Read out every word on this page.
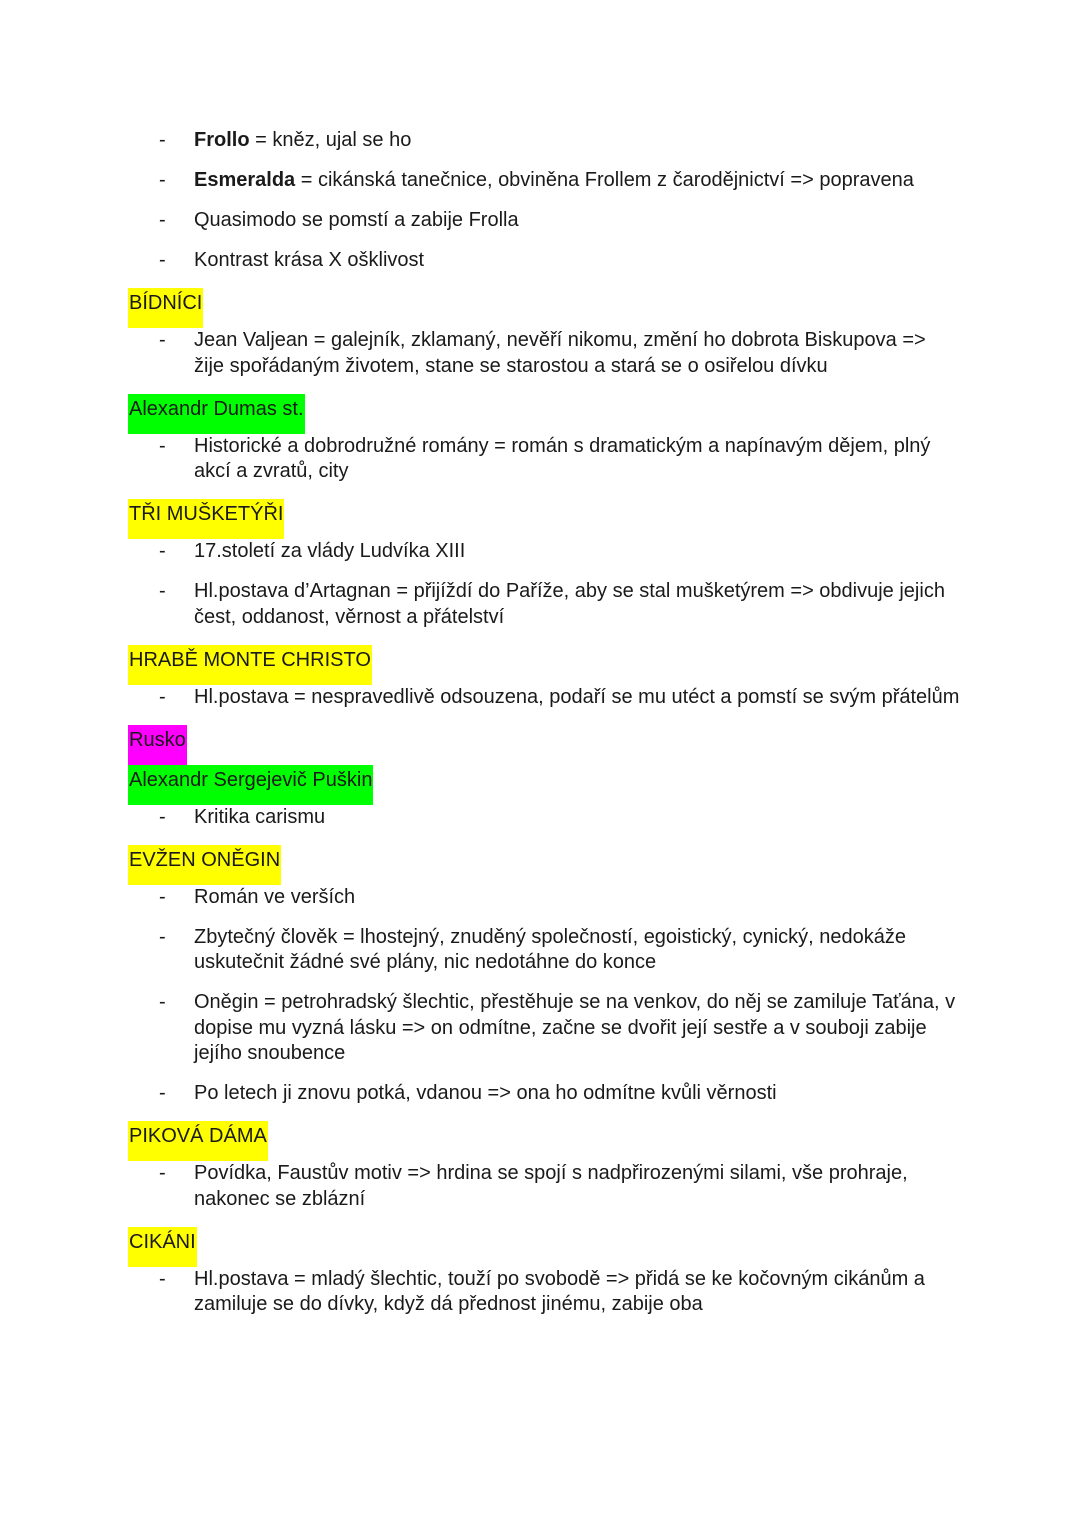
- Frollo = kněz, ujal se ho
- Esmeralda = cikánská tanečnice, obviněna Frollem z čarodějnictví => popravena
- Quasimodo se pomstí a zabije Frolla
- Kontrast krása X ošklivost
BÍDNÍCI
- Jean Valjean = galejník, zklamaný, nevěří nikomu, změní ho dobrota Biskupova => žije spořádaným životem, stane se starostou a stará se o osiřelou dívku
Alexandr Dumas st.
- Historické a dobrodružné romány = román s dramatickým a napínavým dějem, plný akcí a zvratů, city
TŘI MUŠKETÝŘI
- 17.století za vlády Ludvíka XIII
- Hl.postava d’Artagnan = přijíždí do Paříže, aby se stal mušketýrem => obdivuje jejich čest, oddanost, věrnost a přátelství
HRABĚ MONTE CHRISTO
- Hl.postava = nespravedlivě odsouzena, podaří se mu utéct a pomstí se svým přátelům
Rusko
Alexandr Sergejevič Puškin
- Kritika carismu
EVŽEN ONĚGIN
- Román ve verších
- Zbytečný člověk = lhostejný, znuděný společností, egoistický, cynický, nedokáže uskutečnit žádné své plány, nic nedotáhne do konce
- Oněgin = petrohradský šlechtic, přestěhuje se na venkov, do něj se zamiluje Taťána, v dopise mu vyzná lásku => on odmítne, začne se dvořit její sestře a v souboji zabije jejího snoubence
- Po letech ji znovu potká, vdanou => ona ho odmítne kvůli věrnosti
PIKOVÁ DÁMA
- Povídka, Faustův motiv => hrdina se spojí s nadpřirozenými silami, vše prohraje, nakonec se zblázní
CIKÁNI
- Hl.postava = mladý šlechtic, touží po svobodě => přidá se ke kočovným cikánům a zamiluje se do dívky, když dá přednost jinému, zabije oba
